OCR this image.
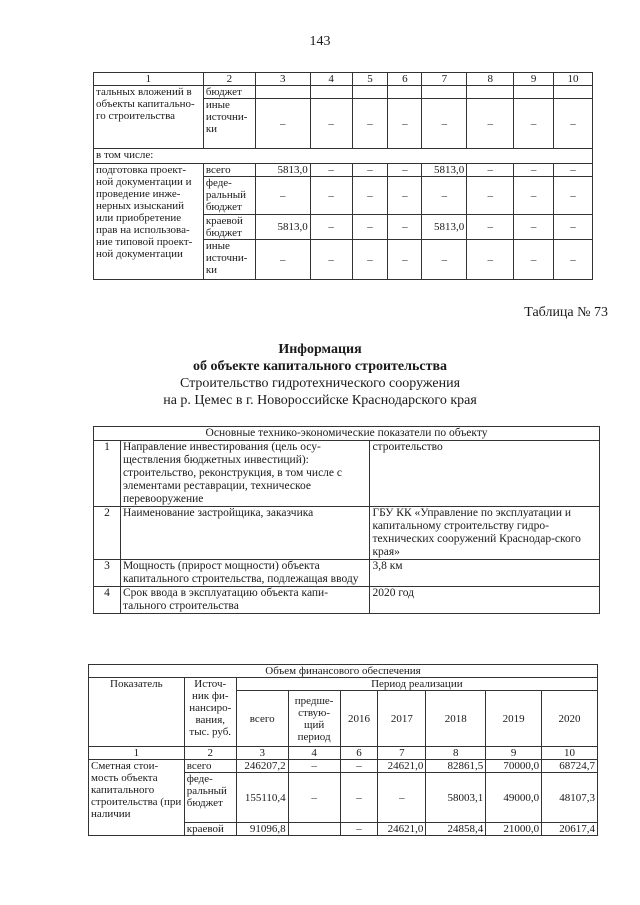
143
1	2	3	4	5	6	7	8	9	10
тальных вложений в объекты капитально-го строительства	бюджет								
	иные источни-ки	–	–	–	–	–	–	–	–
в том числе:									
подготовка проект-ной документации и проведение инже-нерных изысканий или приобретение прав на использова-ние типовой проект-ной документации	всего	5813,0	–	–	–	5813,0	–	–	–
	феде-ральный бюджет	–	–	–	–	–	–	–	–
	краевой бюджет	5813,0	–	–	–	5813,0	–	–	–
	иные источни-ки	–	–	–	–	–	–	–	–
Таблица № 73
Информация
об объекте капитального строительства
Строительство гидротехнического сооружения
на р. Цемес в г. Новороссийске Краснодарского края
Основные технико-экономические показатели по объекту		
1	Направление инвестирования (цель осу-ществления бюджетных инвестиций): строительство, реконструкция, в том числе с элементами реставрации, техническое перевооружение	строительство
2	Наименование застройщика, заказчика	ГБУ КК «Управление по эксплуатации и капитальному строительству гидро-технических сооружений Краснодар-ского края»
3	Мощность (прирост мощности) объекта капитального строительства, подлежащая вводу	3,8 км
4	Срок ввода в эксплуатацию объекта капи-тального строительства	2020 год
Объем финансового обеспечения								
Показатель	Источ-ник фи-нансиро-вания, тыс. руб.	Период реализации						
		всего	предше-ствую-щий период	2016	2017	2018	2019	2020
1	2	3	4	6	7	8	9	10
Сметная стои-мость объекта капитального строительства (при наличии	всего	246207,2	–	–	24621,0	82861,5	70000,0	68724,7
	феде-ральный бюджет	155110,4	–	–	–	58003,1	49000,0	48107,3
	краевой	91096,8		–	24621,0	24858,4	21000,0	20617,4
